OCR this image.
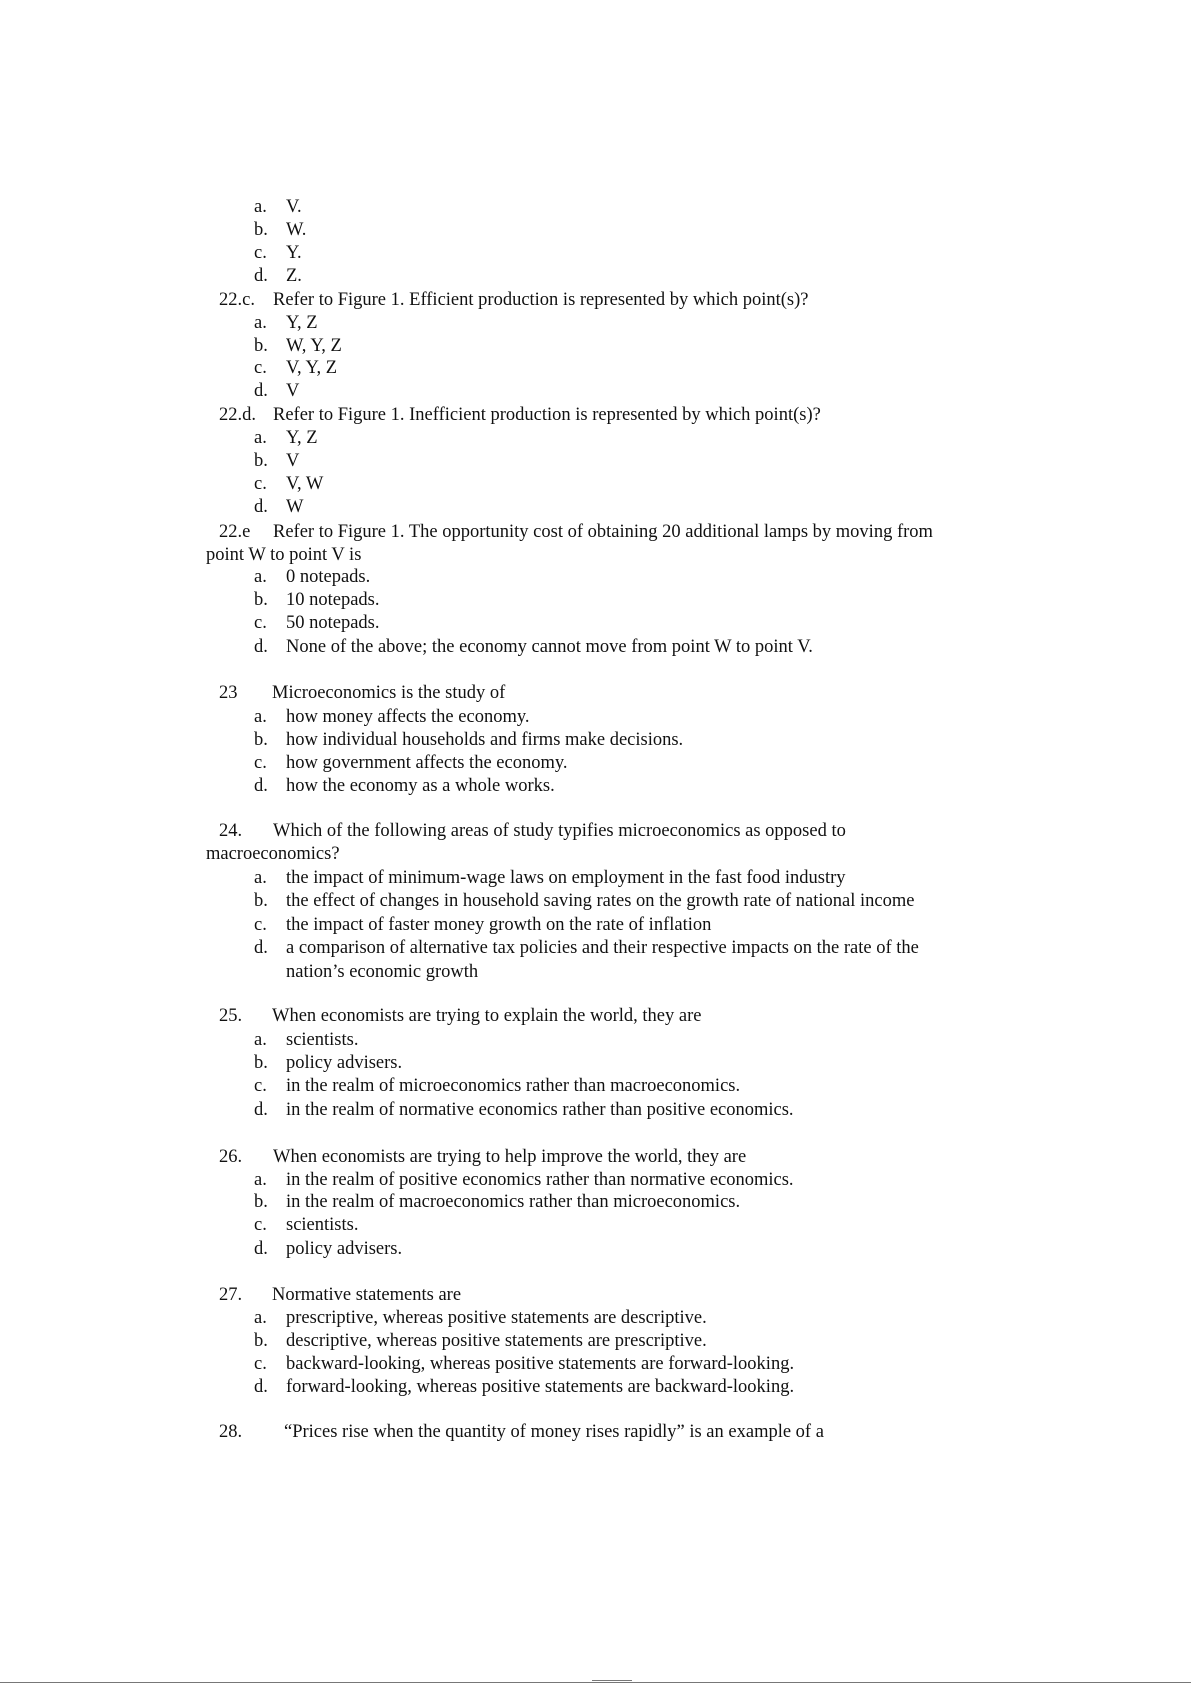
a. V.
b. W.
c. Y.
d. Z.
22.c. Refer to Figure 1. Efficient production is represented by which point(s)?
a. Y, Z
b. W, Y, Z
c. V, Y, Z
d. V
22.d. Refer to Figure 1. Inefficient production is represented by which point(s)?
a. Y, Z
b. V
c. V, W
d. W
22.e Refer to Figure 1. The opportunity cost of obtaining 20 additional lamps by moving from
point W to point V is
a. 0 notepads.
b. 10 notepads.
c. 50 notepads.
d. None of the above; the economy cannot move from point W to point V.
23 Microeconomics is the study of
a. how money affects the economy.
b. how individual households and firms make decisions.
c. how government affects the economy.
d. how the economy as a whole works.
24. Which of the following areas of study typifies microeconomics as opposed to
macroeconomics?
a. the impact of minimum-wage laws on employment in the fast food industry
b. the effect of changes in household saving rates on the growth rate of national income
c. the impact of faster money growth on the rate of inflation
d. a comparison of alternative tax policies and their respective impacts on the rate of the
nation’s economic growth
25. When economists are trying to explain the world, they are
a. scientists.
b. policy advisers.
c. in the realm of microeconomics rather than macroeconomics.
d. in the realm of normative economics rather than positive economics.
26. When economists are trying to help improve the world, they are
a. in the realm of positive economics rather than normative economics.
b. in the realm of macroeconomics rather than microeconomics.
c. scientists.
d. policy advisers.
27. Normative statements are
a. prescriptive, whereas positive statements are descriptive.
b. descriptive, whereas positive statements are prescriptive.
c. backward-looking, whereas positive statements are forward-looking.
d. forward-looking, whereas positive statements are backward-looking.
28. “Prices rise when the quantity of money rises rapidly” is an example of a
